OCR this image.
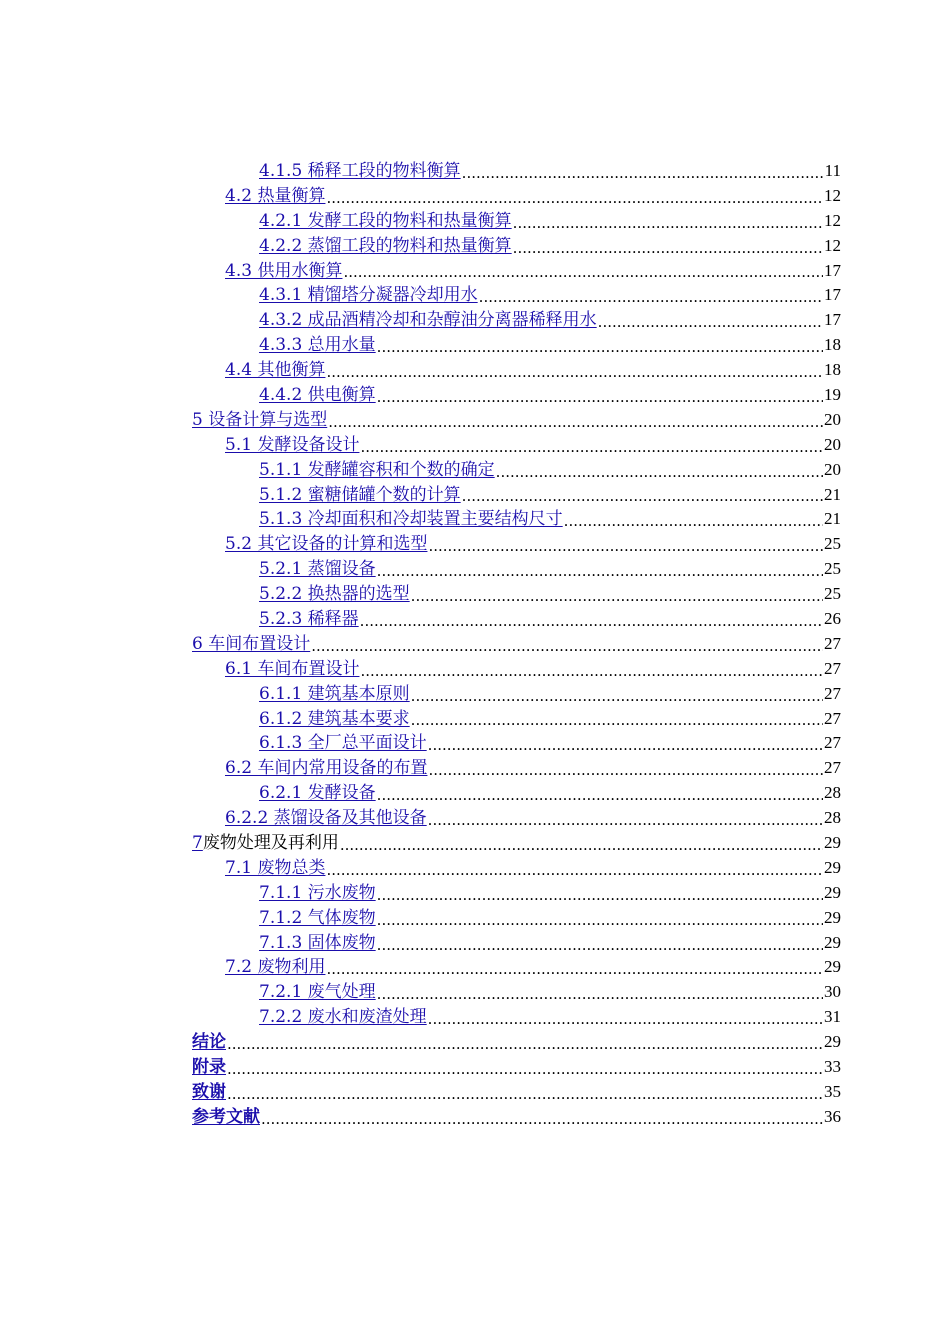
4.1.5 稀释工段的物料衡算 .....	11
4.2 热量衡算 .....	12
4.2.1 发酵工段的物料和热量衡算 .....	12
4.2.2 蒸馏工段的物料和热量衡算 .....	12
4.3 供用水衡算 .....	17
4.3.1 精馏塔分凝器冷却用水 .....	17
4.3.2 成品酒精冷却和杂醇油分离器稀释用水 .....	17
4.3.3 总用水量 .....	18
4.4 其他衡算 .....	18
4.4.2 供电衡算 .....	19
5 设备计算与选型 .....	20
5.1 发酵设备设计 .....	20
5.1.1 发酵罐容积和个数的确定 .....	20
5.1.2 蜜糖储罐个数的计算 .....	21
5.1.3 冷却面积和冷却装置主要结构尺寸 .....	21
5.2 其它设备的计算和选型 .....	25
5.2.1 蒸馏设备 .....	25
5.2.2 换热器的选型 .....	25
5.2.3 稀释器 .....	26
6 车间布置设计 .....	27
6.1 车间布置设计 .....	27
6.1.1 建筑基本原则 .....	27
6.1.2 建筑基本要求 .....	27
6.1.3 全厂总平面设计 .....	27
6.2 车间内常用设备的布置 .....	27
6.2.1 发酵设备 .....	28
6.2.2 蒸馏设备及其他设备 .....	28
7 废物处理及再利用 .....	29
7.1 废物总类 .....	29
7.1.1 污水废物 .....	29
7.1.2 气体废物 .....	29
7.1.3 固体废物 .....	29
7.2 废物利用 .....	29
7.2.1 废气处理 .....	30
7.2.2 废水和废渣处理 .....	31
结论 .....	29
附录 .....	33
致谢 .....	35
参考文献 .....	36
